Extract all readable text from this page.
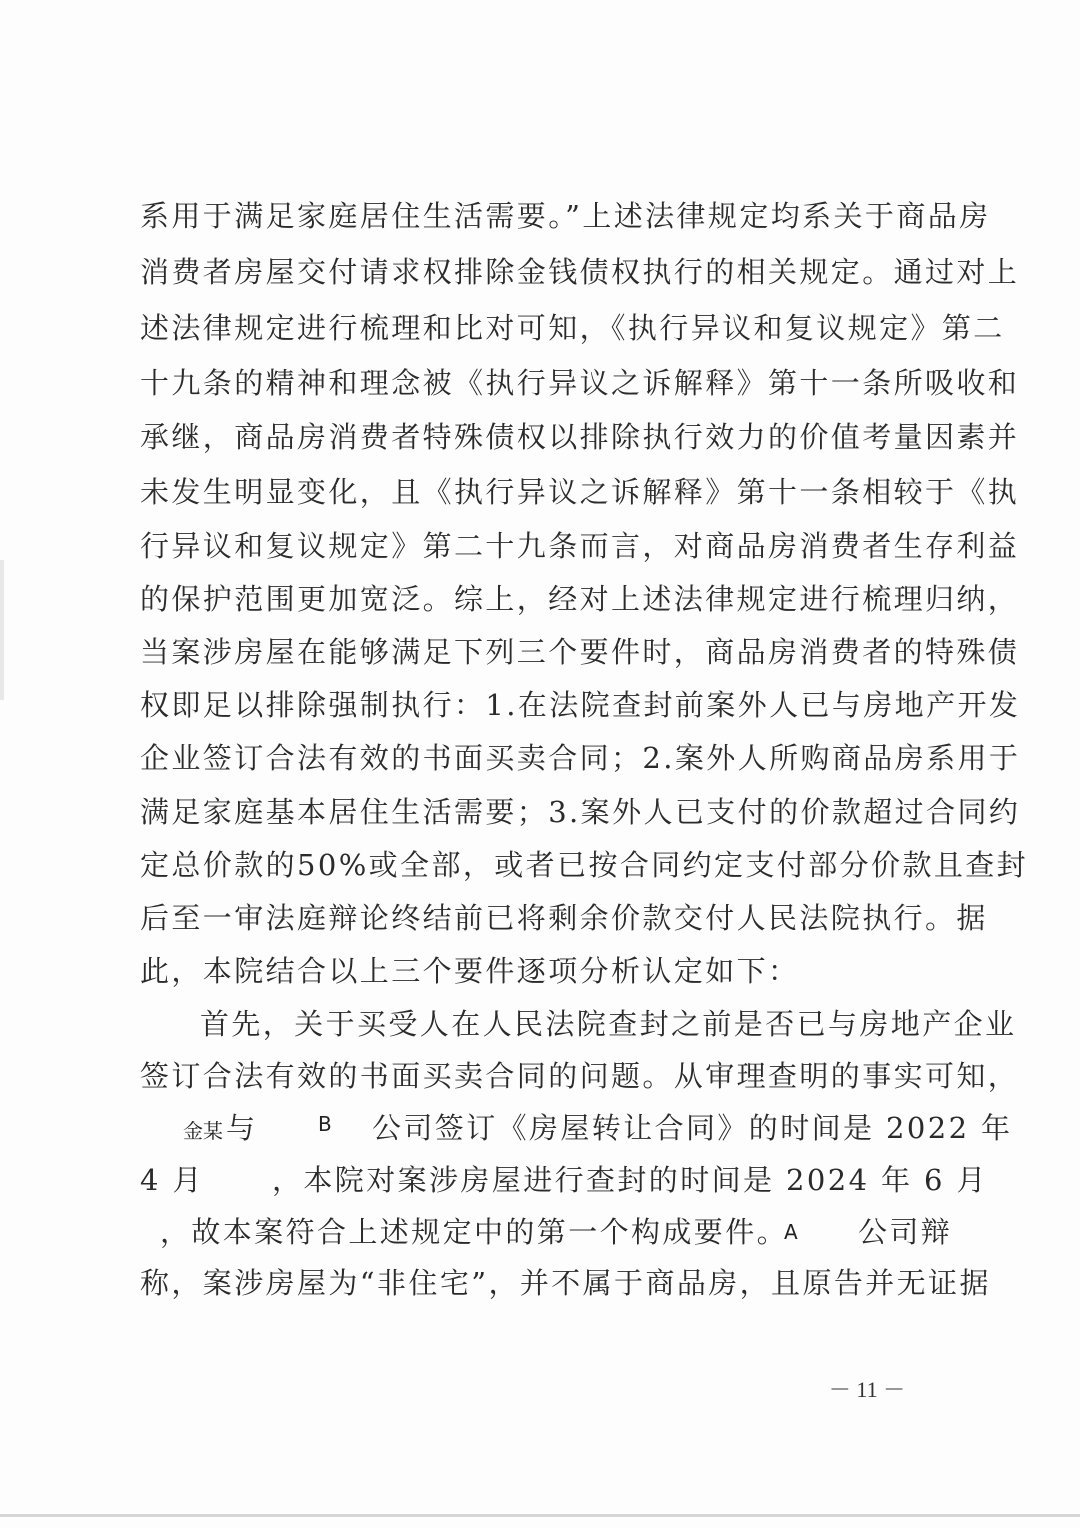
系用于满足家庭居住生活需要。”上述法律规定均系关于商品房
消费者房屋交付请求权排除金钱债权执行的相关规定。通过对上
述法律规定进行梳理和比对可知，《执行异议和复议规定》第二
十九条的精神和理念被《执行异议之诉解释》第十一条所吸收和
承继，商品房消费者特殊债权以排除执行效力的价值考量因素并
未发生明显变化，且《执行异议之诉解释》第十一条相较于《执
行异议和复议规定》第二十九条而言，对商品房消费者生存利益
的保护范围更加宽泛。综上，经对上述法律规定进行梳理归纳，
当案涉房屋在能够满足下列三个要件时，商品房消费者的特殊债
权即足以排除强制执行：1.在法院查封前案外人已与房地产开发
企业签订合法有效的书面买卖合同；2.案外人所购商品房系用于
满足家庭基本居住生活需要；3.案外人已支付的价款超过合同约
定总价款的50%或全部，或者已按合同约定支付部分价款且查封
后至一审法庭辩论终结前已将剩余价款交付人民法院执行。据
此，本院结合以上三个要件逐项分析认定如下：
首先，关于买受人在人民法院查封之前是否已与房地产企业
签订合法有效的书面买卖合同的问题。从审理查明的事实可知，
金某 与	B 公司签订《房屋转让合同》的时间是 2022 年
4 月 ，本院对案涉房屋进行查封的时间是 2024 年 6 月
，故本案符合上述规定中的第一个构成要件。
A 公司辩
称，案涉房屋为“非住宅”，并不属于商品房，且原告并无证据
－ 11 －
